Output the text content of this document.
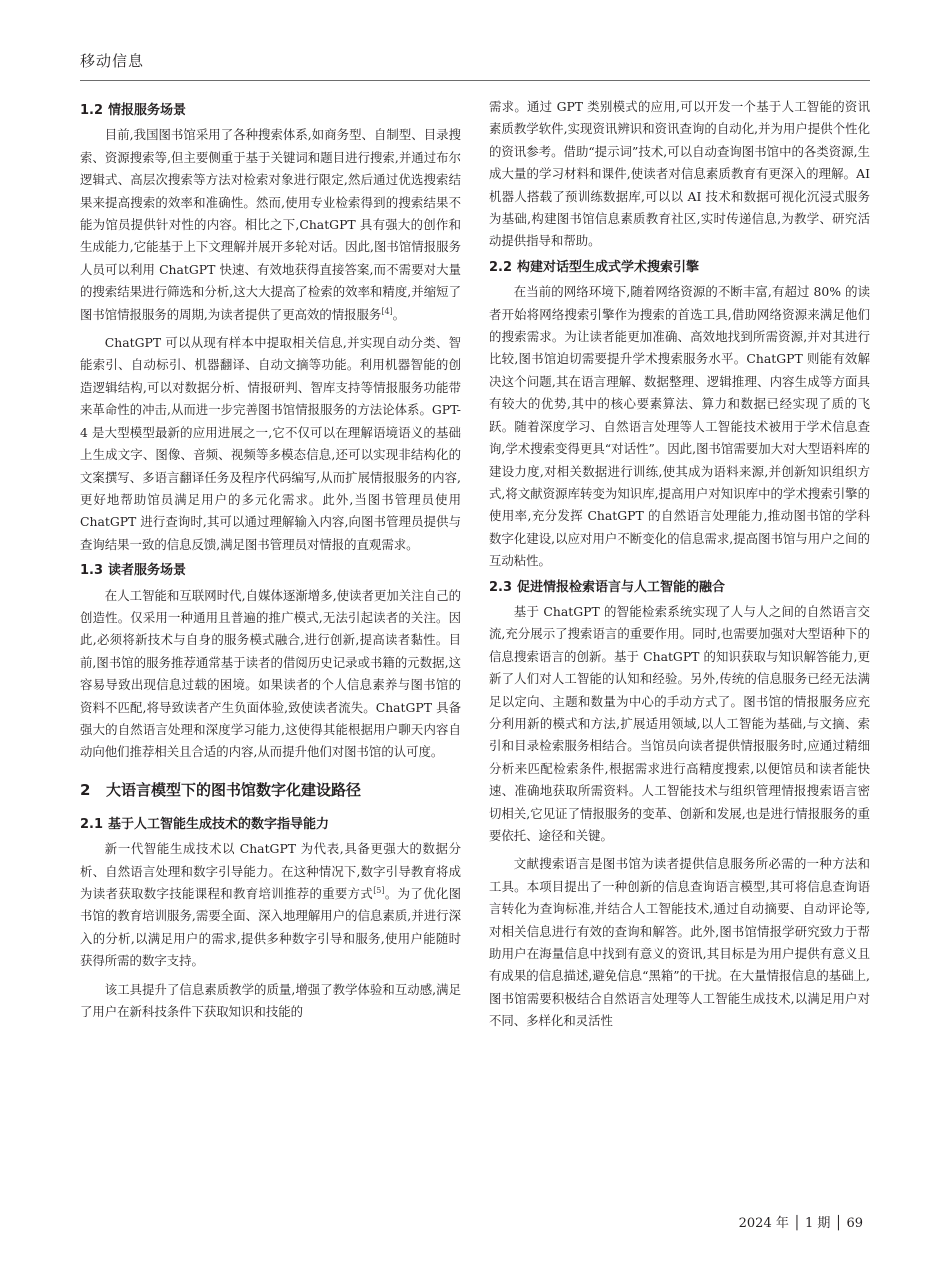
移动信息
1.2 情报服务场景

目前,我国图书馆采用了各种搜索体系,如商务型、自制型、目录搜索、资源搜索等,但主要侧重于基于关键词和题目进行搜索,并通过布尔逻辑式、高层次搜索等方法对检索对象进行限定,然后通过优选搜索结果来提高搜索的效率和准确性。然而,使用专业检索得到的搜索结果不能为馆员提供针对性的内容。相比之下,ChatGPT 具有强大的创作和生成能力,它能基于上下文理解并展开多轮对话。因此,图书馆情报服务人员可以利用 ChatGPT 快速、有效地获得直接答案,而不需要对大量的搜索结果进行筛选和分析,这大大提高了检索的效率和精度,并缩短了图书馆情报服务的周期,为读者提供了更高效的情报服务[4]。

ChatGPT 可以从现有样本中提取相关信息,并实现自动分类、智能索引、自动标引、机器翻译、自动文摘等功能。利用机器智能的创造逻辑结构,可以对数据分析、情报研判、智库支持等情报服务功能带来革命性的冲击,从而进一步完善图书馆情报服务的方法论体系。GPT-4 是大型模型最新的应用进展之一,它不仅可以在理解语境语义的基础上生成文字、图像、音频、视频等多模态信息,还可以实现非结构化的文案撰写、多语言翻译任务及程序代码编写,从而扩展情报服务的内容,更好地帮助馆员满足用户的多元化需求。此外,当图书管理员使用 ChatGPT 进行查询时,其可以通过理解输入内容,向图书管理员提供与查询结果一致的信息反馈,满足图书管理员对情报的直观需求。

1.3 读者服务场景

在人工智能和互联网时代,自媒体逐渐增多,使读者更加关注自己的创造性。仅采用一种通用且普遍的推广模式,无法引起读者的关注。因此,必须将新技术与自身的服务模式融合,进行创新,提高读者黏性。目前,图书馆的服务推荐通常基于读者的借阅历史记录或书籍的元数据,这容易导致出现信息过载的困境。如果读者的个人信息素养与图书馆的资料不匹配,将导致读者产生负面体验,致使读者流失。ChatGPT 具备强大的自然语言处理和深度学习能力,这使得其能根据用户聊天内容自动向他们推荐相关且合适的内容,从而提升他们对图书馆的认可度。

2 大语言模型下的图书馆数字化建设路径
2.1 基于人工智能生成技术的数字指导能力

新一代智能生成技术以 ChatGPT 为代表,具备更强大的数据分析、自然语言处理和数字引导能力。在这种情况下,数字引导教育将成为读者获取数字技能课程和教育培训推荐的重要方式[5]。为了优化图书馆的教育培训服务,需要全面、深入地理解用户的信息素质,并进行深入的分析,以满足用户的需求,提供多种数字引导和服务,使用户能随时获得所需的数字支持。

该工具提升了信息素质教学的质量,增强了教学体验和互动感,满足了用户在新科技条件下获取知识和技能的

需求。通过 GPT 类别模式的应用,可以开发一个基于人工智能的资讯素质教学软件,实现资讯辨识和资讯查询的自动化,并为用户提供个性化的资讯参考。借助“提示词”技术,可以自动查询图书馆中的各类资源,生成大量的学习材料和课件,使读者对信息素质教育有更深入的理解。AI 机器人搭载了预训练数据库,可以以 AI 技术和数据可视化沉浸式服务为基础,构建图书馆信息素质教育社区,实时传递信息,为教学、研究活动提供指导和帮助。

2.2 构建对话型生成式学术搜索引擎

在当前的网络环境下,随着网络资源的不断丰富,有超过 80% 的读者开始将网络搜索引擎作为搜索的首选工具,借助网络资源来满足他们的搜索需求。为让读者能更加准确、高效地找到所需资源,并对其进行比较,图书馆迫切需要提升学术搜索服务水平。ChatGPT 则能有效解决这个问题,其在语言理解、数据整理、逻辑推理、内容生成等方面具有较大的优势,其中的核心要素算法、算力和数据已经实现了质的飞跃。随着深度学习、自然语言处理等人工智能技术被用于学术信息查询,学术搜索变得更具“对话性”。因此,图书馆需要加大对大型语料库的建设力度,对相关数据进行训练,使其成为语料来源,并创新知识组织方式,将文献资源库转变为知识库,提高用户对知识库中的学术搜索引擎的使用率,充分发挥 ChatGPT 的自然语言处理能力,推动图书馆的学科数字化建设,以应对用户不断变化的信息需求,提高图书馆与用户之间的互动粘性。

2.3 促进情报检索语言与人工智能的融合

基于 ChatGPT 的智能检索系统实现了人与人之间的自然语言交流,充分展示了搜索语言的重要作用。同时,也需要加强对大型语种下的信息搜索语言的创新。基于 ChatGPT 的知识获取与知识解答能力,更新了人们对人工智能的认知和经验。另外,传统的信息服务已经无法满足以定向、主题和数量为中心的手动方式了。图书馆的情报服务应充分利用新的模式和方法,扩展适用领域,以人工智能为基础,与文摘、索引和目录检索服务相结合。当馆员向读者提供情报服务时,应通过精细分析来匹配检索条件,根据需求进行高精度搜索,以便馆员和读者能快速、准确地获取所需资料。人工智能技术与组织管理情报搜索语言密切相关,它见证了情报服务的变革、创新和发展,也是进行情报服务的重要依托、途径和关键。

文献搜索语言是图书馆为读者提供信息服务所必需的一种方法和工具。本项目提出了一种创新的信息查询语言模型,其可将信息查询语言转化为查询标准,并结合人工智能技术,通过自动摘要、自动评论等,对相关信息进行有效的查询和解答。此外,图书馆情报学研究致力于帮助用户在海量信息中找到有意义的资讯,其目标是为用户提供有意义且有成果的信息描述,避免信息“黑箱”的干扰。在大量情报信息的基础上,图书馆需要积极结合自然语言处理等人工智能生成技术,以满足用户对不同、多样化和灵活性

2024 年 │ 1 期 │ 69
